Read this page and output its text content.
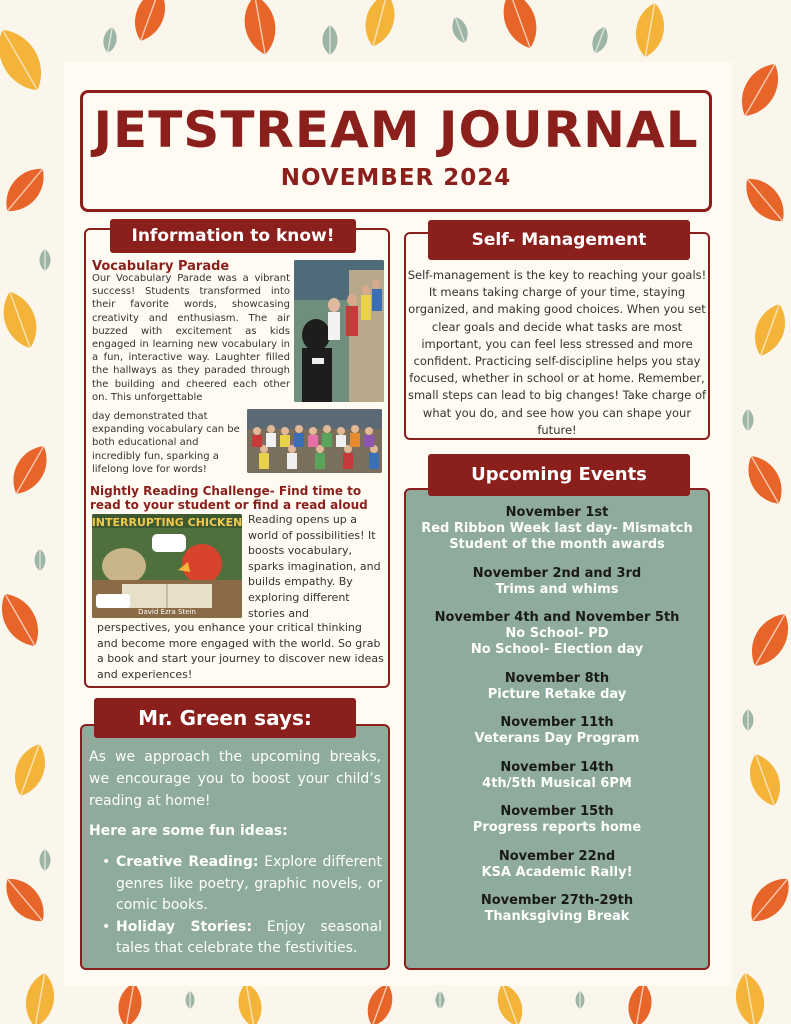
JETSTREAM JOURNAL
NOVEMBER 2024
Information to know!
Vocabulary Parade
Our Vocabulary Parade was a vibrant success! Students transformed into their favorite words, showcasing creativity and enthusiasm. The air buzzed with excitement as kids engaged in learning new vocabulary in a fun, interactive way. Laughter filled the hallways as they paraded through the building and cheered each other on. This unforgettable
day demonstrated that expanding vocabulary can be both educational and incredibly fun, sparking a lifelong love for words!
Nightly Reading Challenge- Find time to read to your student or find a read aloud
INTERRUPTING CHICKEN
David Ezra Stein
Reading opens up a world of possibilities! It boosts vocabulary, sparks imagination, and builds empathy. By exploring different stories and
perspectives, you enhance your critical thinking and become more engaged with the world. So grab a book and start your journey to discover new ideas and experiences!
Self- Management
Self-management is the key to reaching your goals! It means taking charge of your time, staying organized, and making good choices. When you set clear goals and decide what tasks are most important, you can feel less stressed and more confident. Practicing self-discipline helps you stay focused, whether in school or at home. Remember, small steps can lead to big changes! Take charge of what you do, and see how you can shape your future!
Upcoming Events
November 1st
Red Ribbon Week last day- Mismatch
Student of the month awards
November 2nd and 3rd
Trims and whims
November 4th and November 5th
No School- PD
No School- Election day
November 8th
Picture Retake day
November 11th
Veterans Day Program
November 14th
4th/5th Musical 6PM
November 15th
Progress reports home
November 22nd
KSA Academic Rally!
November 27th-29th
Thanksgiving Break
Mr. Green says:
As we approach the upcoming breaks, we encourage you to boost your child’s reading at home!
Here are some fun ideas:
• Creative Reading: Explore different genres like poetry, graphic novels, or comic books.
• Holiday Stories: Enjoy seasonal tales that celebrate the festivities.
